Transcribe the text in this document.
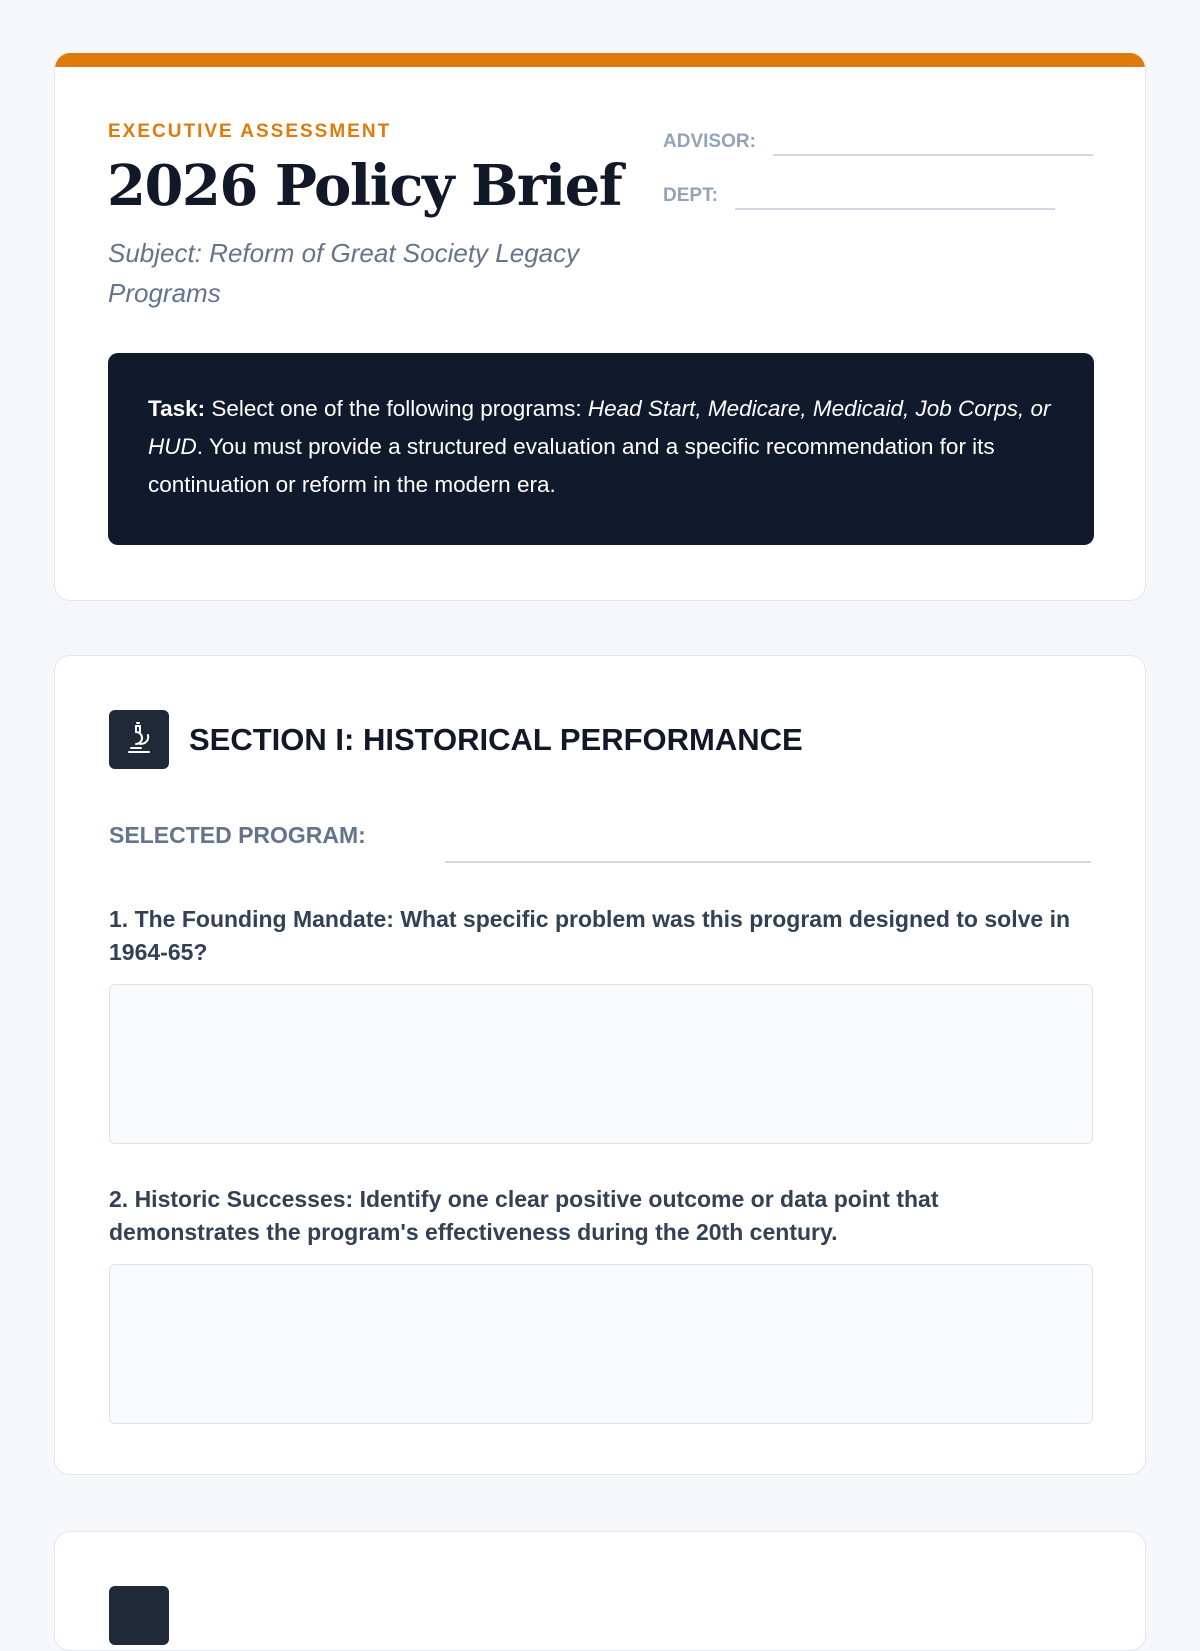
EXECUTIVE ASSESSMENT
2026 Policy Brief
Subject: Reform of Great Society Legacy Programs
ADVISOR:
DEPT:
Task: Select one of the following programs: Head Start, Medicare, Medicaid, Job Corps, or HUD. You must provide a structured evaluation and a specific recommendation for its continuation or reform in the modern era.
SECTION I: HISTORICAL PERFORMANCE
SELECTED PROGRAM:
1. The Founding Mandate: What specific problem was this program designed to solve in 1964-65?
2. Historic Successes: Identify one clear positive outcome or data point that demonstrates the program's effectiveness during the 20th century.
